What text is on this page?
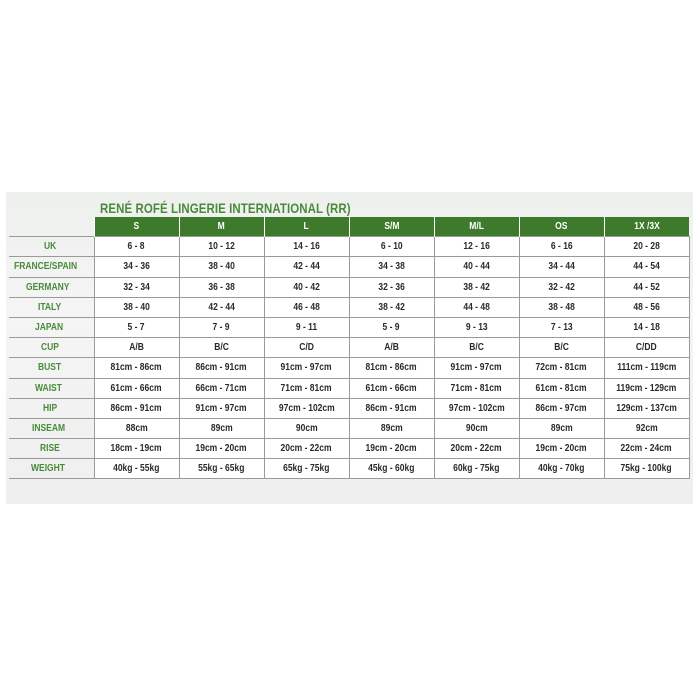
RENÉ ROFÉ LINGERIE INTERNATIONAL (RR)
	S	M	L	S/M	M/L	OS	1X /3X
UK	6 - 8	10 - 12	14 - 16	6 - 10	12 - 16	6 - 16	20 - 28
FRANCE/SPAIN	34 - 36	38 - 40	42 - 44	34 - 38	40 - 44	34 - 44	44 - 54
GERMANY	32 - 34	36 - 38	40 - 42	32 - 36	38 - 42	32 - 42	44 - 52
ITALY	38 - 40	42 - 44	46 - 48	38 - 42	44 - 48	38 - 48	48 - 56
JAPAN	5 - 7	7 - 9	9 - 11	5 - 9	9 - 13	7 - 13	14 - 18
CUP	A/B	B/C	C/D	A/B	B/C	B/C	C/DD
BUST	81cm - 86cm	86cm - 91cm	91cm - 97cm	81cm - 86cm	91cm - 97cm	72cm - 81cm	111cm - 119cm
WAIST	61cm - 66cm	66cm - 71cm	71cm - 81cm	61cm - 66cm	71cm - 81cm	61cm - 81cm	119cm - 129cm
HIP	86cm - 91cm	91cm - 97cm	97cm - 102cm	86cm - 91cm	97cm - 102cm	86cm - 97cm	129cm - 137cm
INSEAM	88cm	89cm	90cm	89cm	90cm	89cm	92cm
RISE	18cm - 19cm	19cm - 20cm	20cm - 22cm	19cm - 20cm	20cm - 22cm	19cm - 20cm	22cm - 24cm
WEIGHT	40kg - 55kg	55kg - 65kg	65kg - 75kg	45kg - 60kg	60kg - 75kg	40kg - 70kg	75kg - 100kg
